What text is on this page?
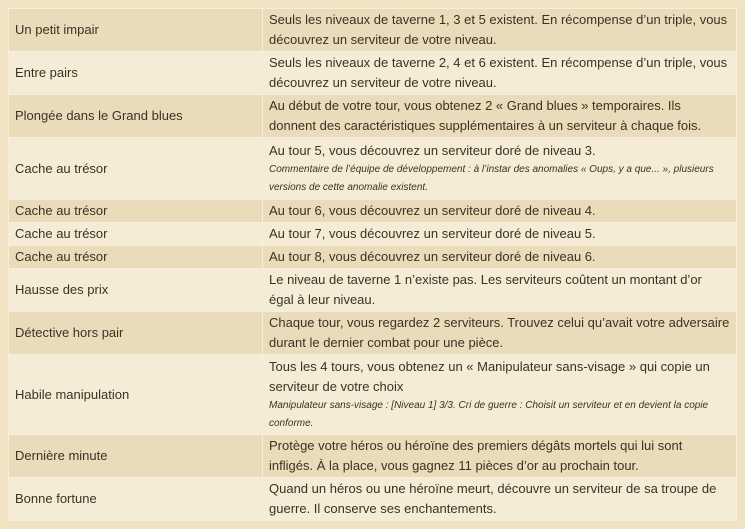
Un petit impair	Seuls les niveaux de taverne 1, 3 et 5 existent. En récompense d’un triple, vous découvrez un serviteur de votre niveau.

Entre pairs	Seuls les niveaux de taverne 2, 4 et 6 existent. En récompense d’un triple, vous découvrez un serviteur de votre niveau.

Plongée dans le Grand blues	Au début de votre tour, vous obtenez 2 « Grand blues » temporaires. Ils donnent des caractéristiques supplémentaires à un serviteur à chaque fois.

Cache au trésor	Au tour 5, vous découvrez un serviteur doré de niveau 3.
Commentaire de l’équipe de développement : à l’instar des anomalies « Oups, y a que... », plusieurs versions de cette anomalie existent.

Cache au trésor	Au tour 6, vous découvrez un serviteur doré de niveau 4.

Cache au trésor	Au tour 7, vous découvrez un serviteur doré de niveau 5.

Cache au trésor	Au tour 8, vous découvrez un serviteur doré de niveau 6.

Hausse des prix	Le niveau de taverne 1 n’existe pas. Les serviteurs coûtent un montant d’or égal à leur niveau.

Détective hors pair	Chaque tour, vous regardez 2 serviteurs. Trouvez celui qu’avait votre adversaire durant le dernier combat pour une pièce.

Habile manipulation	Tous les 4 tours, vous obtenez un « Manipulateur sans-visage » qui copie un serviteur de votre choix
Manipulateur sans-visage : [Niveau 1] 3/3. Cri de guerre : Choisit un serviteur et en devient la copie conforme.

Dernière minute	Protège votre héros ou héroïne des premiers dégâts mortels qui lui sont infligés. À la place, vous gagnez 11 pièces d’or au prochain tour.

Bonne fortune	Quand un héros ou une héroïne meurt, découvre un serviteur de sa troupe de guerre. Il conserve ses enchantements.
